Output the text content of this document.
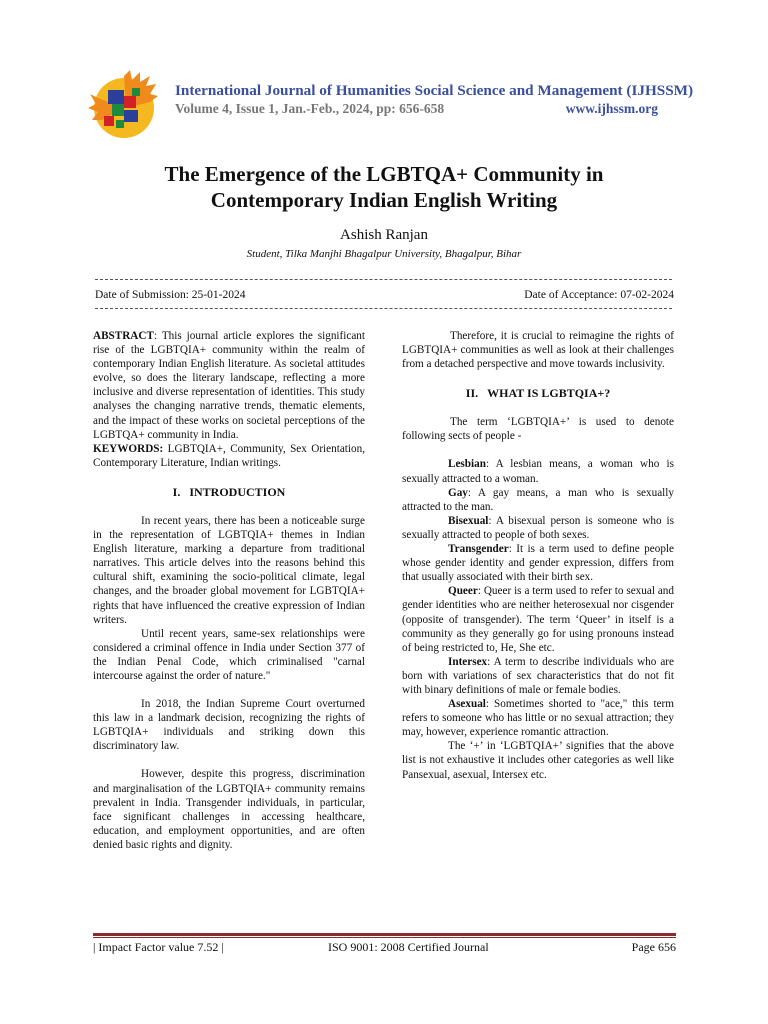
International Journal of Humanities Social Science and Management (IJHSSM)
Volume 4, Issue 1, Jan.-Feb., 2024, pp: 656-658	www.ijhssm.org
The Emergence of the LGBTQA+ Community in
Contemporary Indian English Writing
Ashish Ranjan
Student, Tilka Manjhi Bhagalpur University, Bhagalpur, Bihar
Date of Submission: 25-01-2024	Date of Acceptance: 07-02-2024

ABSTRACT: This journal article explores the significant rise of the LGBTQIA+ community within the realm of contemporary Indian English literature. As societal attitudes evolve, so does the literary landscape, reflecting a more inclusive and diverse representation of identities. This study analyses the changing narrative trends, thematic elements, and the impact of these works on societal perceptions of the LGBTQA+ community in India.

KEYWORDS: LGBTQIA+, Community, Sex Orientation, Contemporary Literature, Indian writings.

I.   INTRODUCTION

In recent years, there has been a noticeable surge in the representation of LGBTQIA+ themes in Indian English literature, marking a departure from traditional narratives. This article delves into the reasons behind this cultural shift, examining the socio-political climate, legal changes, and the broader global movement for LGBTQIA+ rights that have influenced the creative expression of Indian writers.

Until recent years, same-sex relationships were considered a criminal offence in India under Section 377 of the Indian Penal Code, which criminalised "carnal intercourse against the order of nature."

In 2018, the Indian Supreme Court overturned this law in a landmark decision, recognizing the rights of LGBTQIA+ individuals and striking down this discriminatory law.

However, despite this progress, discrimination and marginalisation of the LGBTQIA+ community remains prevalent in India. Transgender individuals, in particular, face significant challenges in accessing healthcare, education, and employment opportunities, and are often denied basic rights and dignity.

Therefore, it is crucial to reimagine the rights of LGBTQIA+ communities as well as look at their challenges from a detached perspective and move towards inclusivity.

II.   WHAT IS LGBTQIA+?

The term ‘LGBTQIA+’ is used to denote following sects of people -

Lesbian: A lesbian means, a woman who is sexually attracted to a woman.

Gay: A gay means, a man who is sexually attracted to the man.

Bisexual: A bisexual person is someone who is sexually attracted to people of both sexes.

Transgender: It is a term used to define people whose gender identity and gender expression, differs from that usually associated with their birth sex.

Queer: Queer is a term used to refer to sexual and gender identities who are neither heterosexual nor cisgender (opposite of transgender). The term ‘Queer’ in itself is a community as they generally go for using pronouns instead of being restricted to, He, She etc.

Intersex: A term to describe individuals who are born with variations of sex characteristics that do not fit with binary definitions of male or female bodies.

Asexual: Sometimes shorted to "ace," this term refers to someone who has little or no sexual attraction; they may, however, experience romantic attraction.

The ‘+’ in ‘LGBTQIA+’ signifies that the above list is not exhaustive it includes other categories as well like Pansexual, asexual, Intersex etc.

| Impact Factor value 7.52 |	ISO 9001: 2008 Certified Journal	Page 656
